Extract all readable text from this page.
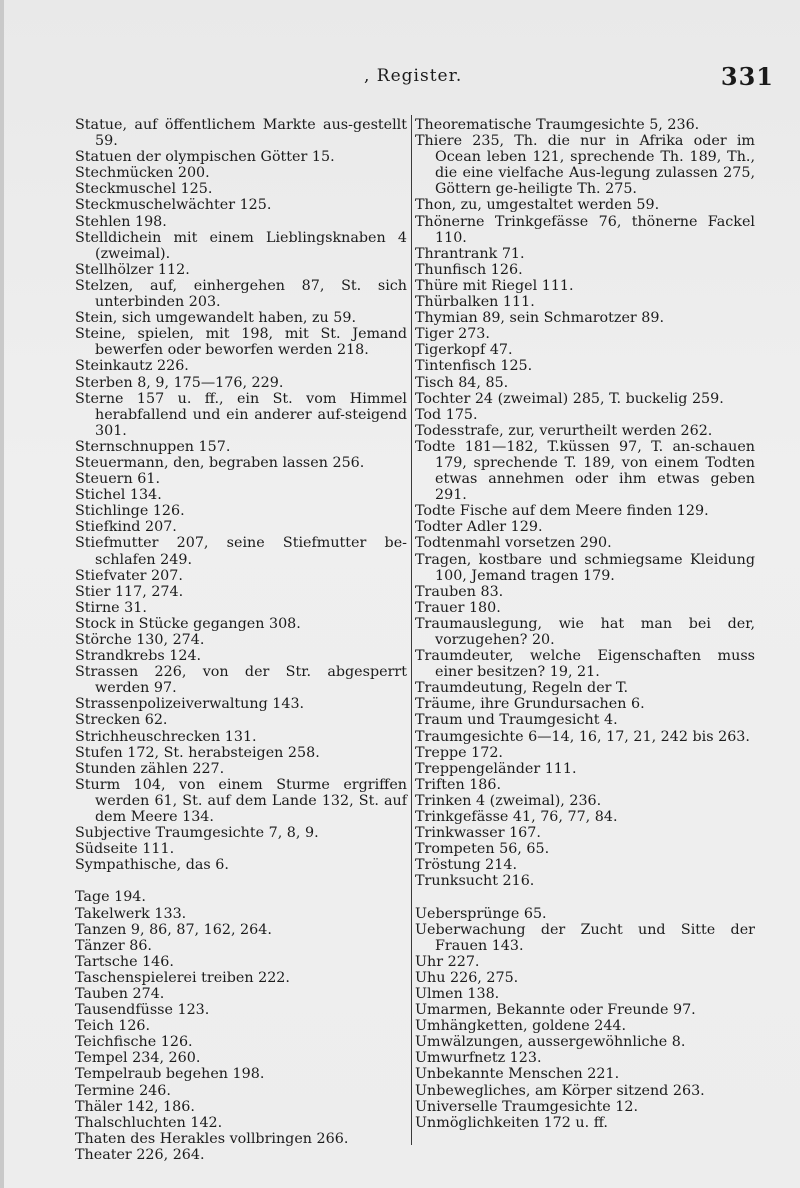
, Register.	331

Statue, auf öffentlichem Markte aus-gestellt 59.

Statuen der olympischen Götter 15.

Stechmücken 200.

Steckmuschel 125.

Steckmuschelwächter 125.

Stehlen 198.

Stelldichein mit einem Lieblingsknaben 4 (zweimal).

Stellhölzer 112.

Stelzen, auf, einhergehen 87, St. sich unterbinden 203.

Stein, sich umgewandelt haben, zu 59.

Steine, spielen, mit 198, mit St. Jemand bewerfen oder beworfen werden 218.

Steinkautz 226.

Sterben 8, 9, 175—176, 229.

Sterne 157 u. ff., ein St. vom Himmel herabfallend und ein anderer auf-steigend 301.

Sternschnuppen 157.

Steuermann, den, begraben lassen 256.

Steuern 61.

Stichel 134.

Stichlinge 126.

Stiefkind 207.

Stiefmutter 207, seine Stiefmutter be-schlafen 249.

Stiefvater 207.

Stier 117, 274.

Stirne 31.

Stock in Stücke gegangen 308.

Störche 130, 274.

Strandkrebs 124.

Strassen 226, von der Str. abgesperrt werden 97.

Strassenpolizeiverwaltung 143.

Strecken 62.

Strichheuschrecken 131.

Stufen 172, St. herabsteigen 258.

Stunden zählen 227.

Sturm 104, von einem Sturme ergriffen werden 61, St. auf dem Lande 132, St. auf dem Meere 134.

Subjective Traumgesichte 7, 8, 9.

Südseite 111.

Sympathische, das 6.

Tage 194.

Takelwerk 133.

Tanzen 9, 86, 87, 162, 264.

Tänzer 86.

Tartsche 146.

Taschenspielerei treiben 222.

Tauben 274.

Tausendfüsse 123.

Teich 126.

Teichfische 126.

Tempel 234, 260.

Tempelraub begehen 198.

Termine 246.

Thäler 142, 186.

Thalschluchten 142.

Thaten des Herakles vollbringen 266.

Theater 226, 264.

Theorematische Traumgesichte 5, 236.

Thiere 235, Th. die nur in Afrika oder im Ocean leben 121, sprechende Th. 189, Th., die eine vielfache Aus-legung zulassen 275, Göttern ge-heiligte Th. 275.

Thon, zu, umgestaltet werden 59.

Thönerne Trinkgefässe 76, thönerne Fackel 110.

Thrantrank 71.

Thunfisch 126.

Thüre mit Riegel 111.

Thürbalken 111.

Thymian 89, sein Schmarotzer 89.

Tiger 273.

Tigerkopf 47.

Tintenfisch 125.

Tisch 84, 85.

Tochter 24 (zweimal) 285, T. buckelig 259.

Tod 175.

Todesstrafe, zur, verurtheilt werden 262.

Todte 181—182, T.küssen 97, T. an-schauen 179, sprechende T. 189, von einem Todten etwas annehmen oder ihm etwas geben 291.

Todte Fische auf dem Meere finden 129.

Todter Adler 129.

Todtenmahl vorsetzen 290.

Tragen, kostbare und schmiegsame Kleidung 100, Jemand tragen 179.

Trauben 83.

Trauer 180.

Traumauslegung, wie hat man bei der, vorzugehen? 20.

Traumdeuter, welche Eigenschaften muss einer besitzen? 19, 21.

Traumdeutung, Regeln der T.

Träume, ihre Grundursachen 6.

Traum und Traumgesicht 4.

Traumgesichte 6—14, 16, 17, 21, 242 bis 263.

Treppe 172.

Treppengeländer 111.

Triften 186.

Trinken 4 (zweimal), 236.

Trinkgefässe 41, 76, 77, 84.

Trinkwasser 167.

Trompeten 56, 65.

Tröstung 214.

Trunksucht 216.

Uebersprünge 65.

Ueberwachung der Zucht und Sitte der Frauen 143.

Uhr 227.

Uhu 226, 275.

Ulmen 138.

Umarmen, Bekannte oder Freunde 97.

Umhängketten, goldene 244.

Umwälzungen, aussergewöhnliche 8.

Umwurfnetz 123.

Unbekannte Menschen 221.

Unbewegliches, am Körper sitzend 263.

Universelle Traumgesichte 12.

Unmöglichkeiten 172 u. ff.
